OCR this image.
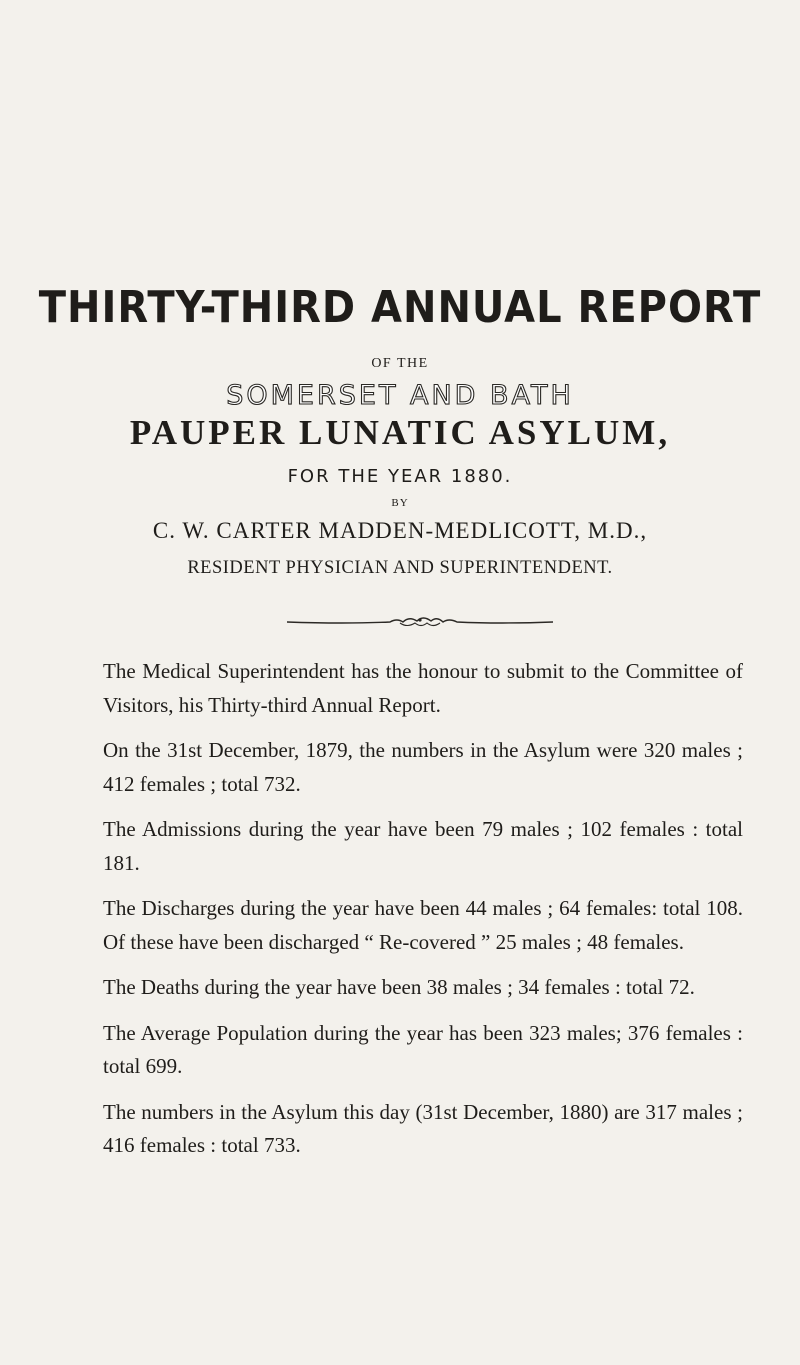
THIRTY-THIRD ANNUAL REPORT
OF THE
SOMERSET AND BATH
PAUPER LUNATIC ASYLUM,
FOR THE YEAR 1880.
BY
C. W. CARTER MADDEN-MEDLICOTT, M.D.,
RESIDENT PHYSICIAN AND SUPERINTENDENT.

The Medical Superintendent has the honour to submit to the Committee of Visitors, his Thirty-third Annual Report.

On the 31st December, 1879, the numbers in the Asylum were 320 males ; 412 females ; total 732.

The Admissions during the year have been 79 males ; 102 females : total 181.

The Discharges during the year have been 44 males ; 64 females: total 108. Of these have been discharged “ Re-covered ” 25 males ; 48 females.

The Deaths during the year have been 38 males ; 34 females : total 72.

The Average Population during the year has been 323 males; 376 females : total 699.

The numbers in the Asylum this day (31st December, 1880) are 317 males ; 416 females : total 733.
